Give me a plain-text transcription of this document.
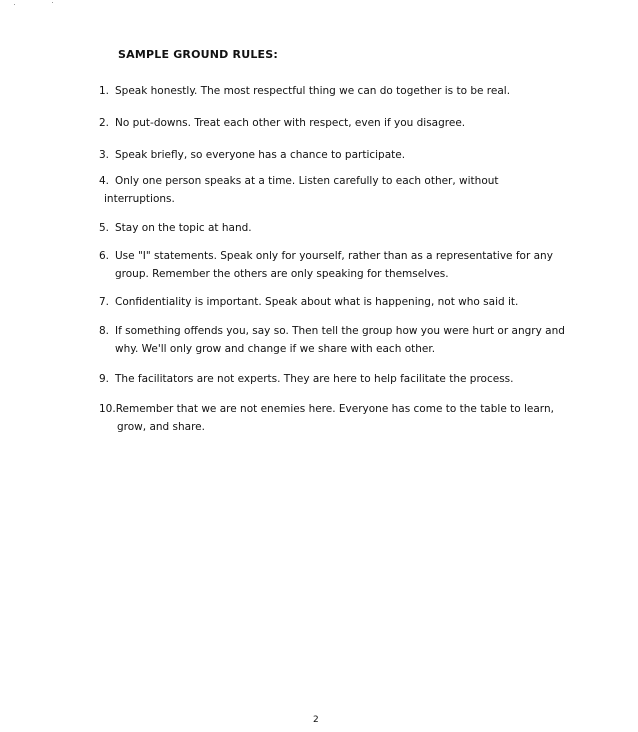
SAMPLE GROUND RULES:
1. Speak honestly. The most respectful thing we can do together is to be real.
2. No put-downs. Treat each other with respect, even if you disagree.
3. Speak briefly, so everyone has a chance to participate.
4. Only one person speaks at a time. Listen carefully to each other, without
interruptions.
5. Stay on the topic at hand.
6. Use "I" statements. Speak only for yourself, rather than as a representative for any
group. Remember the others are only speaking for themselves.
7. Confidentiality is important. Speak about what is happening, not who said it.
8. If something offends you, say so. Then tell the group how you were hurt or angry and
why. We'll only grow and change if we share with each other.
9. The facilitators are not experts. They are here to help facilitate the process.
10.Remember that we are not enemies here. Everyone has come to the table to learn,
grow, and share.
2
